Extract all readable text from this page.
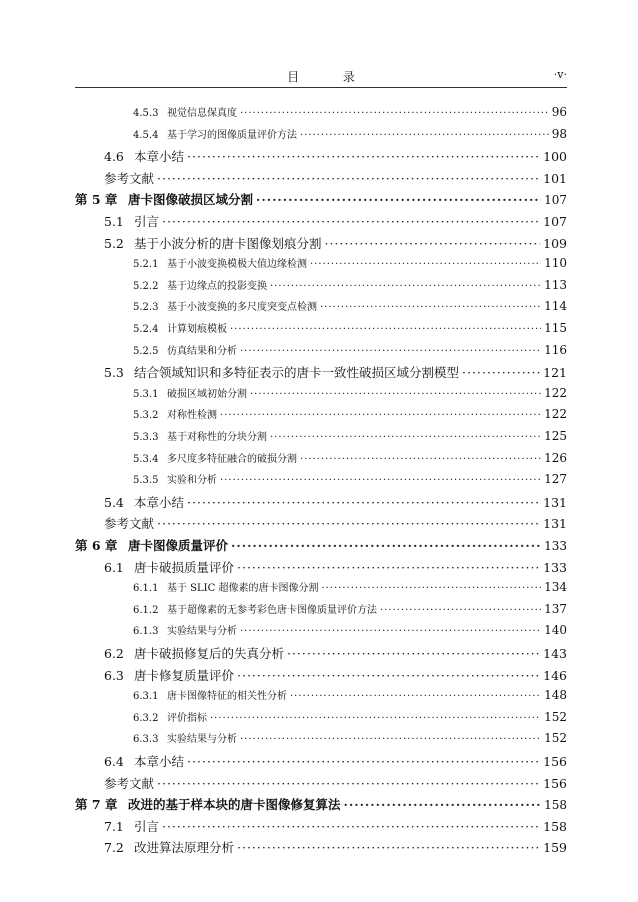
目 录	·v·
4.5.3 视觉信息保真度 ·····	96
4.5.4 基于学习的图像质量评价方法 ·····	98
4.6 本章小结 ·····	100
参考文献 ·····	101
第 5 章 唐卡图像破损区域分割 ·····	107
5.1 引言 ·····	107
5.2 基于小波分析的唐卡图像划痕分割 ·····	109
5.2.1 基于小波变换模极大值边缘检测 ·····	110
5.2.2 基于边缘点的投影变换 ·····	113
5.2.3 基于小波变换的多尺度突变点检测 ·····	114
5.2.4 计算划痕模板 ·····	115
5.2.5 仿真结果和分析 ·····	116
5.3 结合领域知识和多特征表示的唐卡一致性破损区域分割模型 ·····	121
5.3.1 破损区域初始分割 ·····	122
5.3.2 对称性检测 ·····	122
5.3.3 基于对称性的分块分割 ·····	125
5.3.4 多尺度多特征融合的破损分割 ·····	126
5.3.5 实验和分析 ·····	127
5.4 本章小结 ·····	131
参考文献 ·····	131
第 6 章 唐卡图像质量评价 ·····	133
6.1 唐卡破损质量评价 ·····	133
6.1.1 基于 SLIC 超像素的唐卡图像分割 ·····	134
6.1.2 基于超像素的无参考彩色唐卡图像质量评价方法 ·····	137
6.1.3 实验结果与分析 ·····	140
6.2 唐卡破损修复后的失真分析 ·····	143
6.3 唐卡修复质量评价 ·····	146
6.3.1 唐卡图像特征的相关性分析 ·····	148
6.3.2 评价指标 ·····	152
6.3.3 实验结果与分析 ·····	152
6.4 本章小结 ·····	156
参考文献 ·····	156
第 7 章 改进的基于样本块的唐卡图像修复算法 ·····	158
7.1 引言 ·····	158
7.2 改进算法原理分析 ·····	159
